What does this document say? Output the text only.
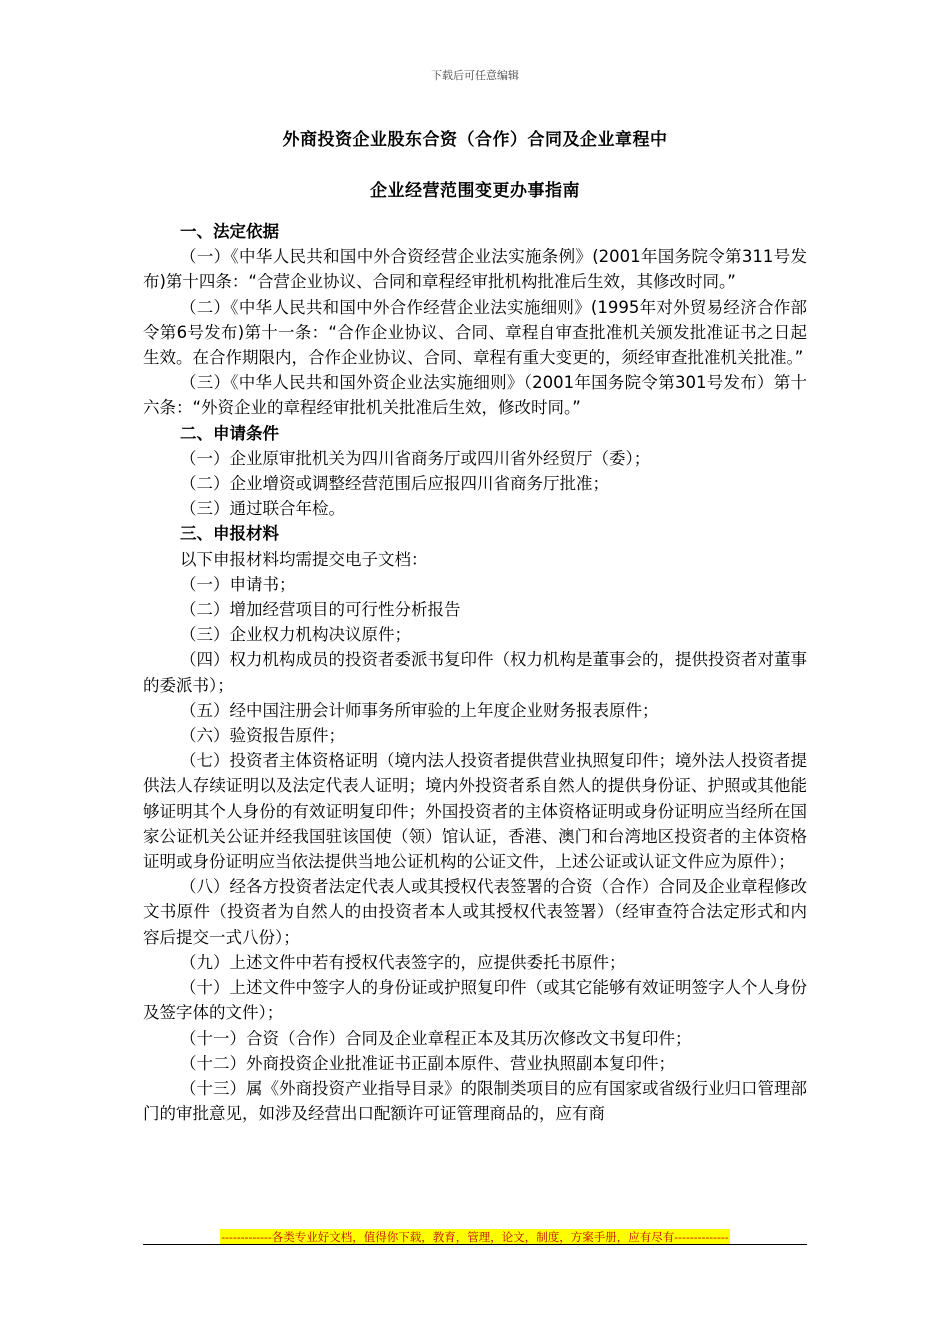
下载后可任意编辑
外商投资企业股东合资（合作）合同及企业章程中
企业经营范围变更办事指南

一、法定依据

（一）《中华人民共和国中外合资经营企业法实施条例》(2001年国务院令第311号发布)第十四条：“合营企业协议、合同和章程经审批机构批准后生效，其修改时同。”

（二）《中华人民共和国中外合作经营企业法实施细则》(1995年对外贸易经济合作部令第6号发布)第十一条：“合作企业协议、合同、章程自审查批准机关颁发批准证书之日起生效。在合作期限内，合作企业协议、合同、章程有重大变更的，须经审查批准机关批准。”

（三）《中华人民共和国外资企业法实施细则》（2001年国务院令第301号发布）第十六条：“外资企业的章程经审批机关批准后生效，修改时同。”

二、申请条件

（一）企业原审批机关为四川省商务厅或四川省外经贸厅（委）；

（二）企业增资或调整经营范围后应报四川省商务厅批准；

（三）通过联合年检。

三、申报材料

以下申报材料均需提交电子文档：

（一）申请书；

（二）增加经营项目的可行性分析报告

（三）企业权力机构决议原件；

（四）权力机构成员的投资者委派书复印件（权力机构是董事会的，提供投资者对董事的委派书）；

（五）经中国注册会计师事务所审验的上年度企业财务报表原件；

（六）验资报告原件；

（七）投资者主体资格证明（境内法人投资者提供营业执照复印件；境外法人投资者提供法人存续证明以及法定代表人证明；境内外投资者系自然人的提供身份证、护照或其他能够证明其个人身份的有效证明复印件；外国投资者的主体资格证明或身份证明应当经所在国家公证机关公证并经我国驻该国使（领）馆认证，香港、澳门和台湾地区投资者的主体资格证明或身份证明应当依法提供当地公证机构的公证文件，上述公证或认证文件应为原件）；

（八）经各方投资者法定代表人或其授权代表签署的合资（合作）合同及企业章程修改文书原件（投资者为自然人的由投资者本人或其授权代表签署）（经审查符合法定形式和内容后提交一式八份）；

（九）上述文件中若有授权代表签字的，应提供委托书原件；

（十）上述文件中签字人的身份证或护照复印件（或其它能够有效证明签字人个人身份及签字体的文件）；

（十一）合资（合作）合同及企业章程正本及其历次修改文书复印件；

（十二）外商投资企业批准证书正副本原件、营业执照副本复印件；

（十三）属《外商投资产业指导目录》的限制类项目的应有国家或省级行业归口管理部门的审批意见，如涉及经营出口配额许可证管理商品的，应有商

-------------各类专业好文档，值得你下载，教育，管理，论文，制度，方案手册，应有尽有--------------
